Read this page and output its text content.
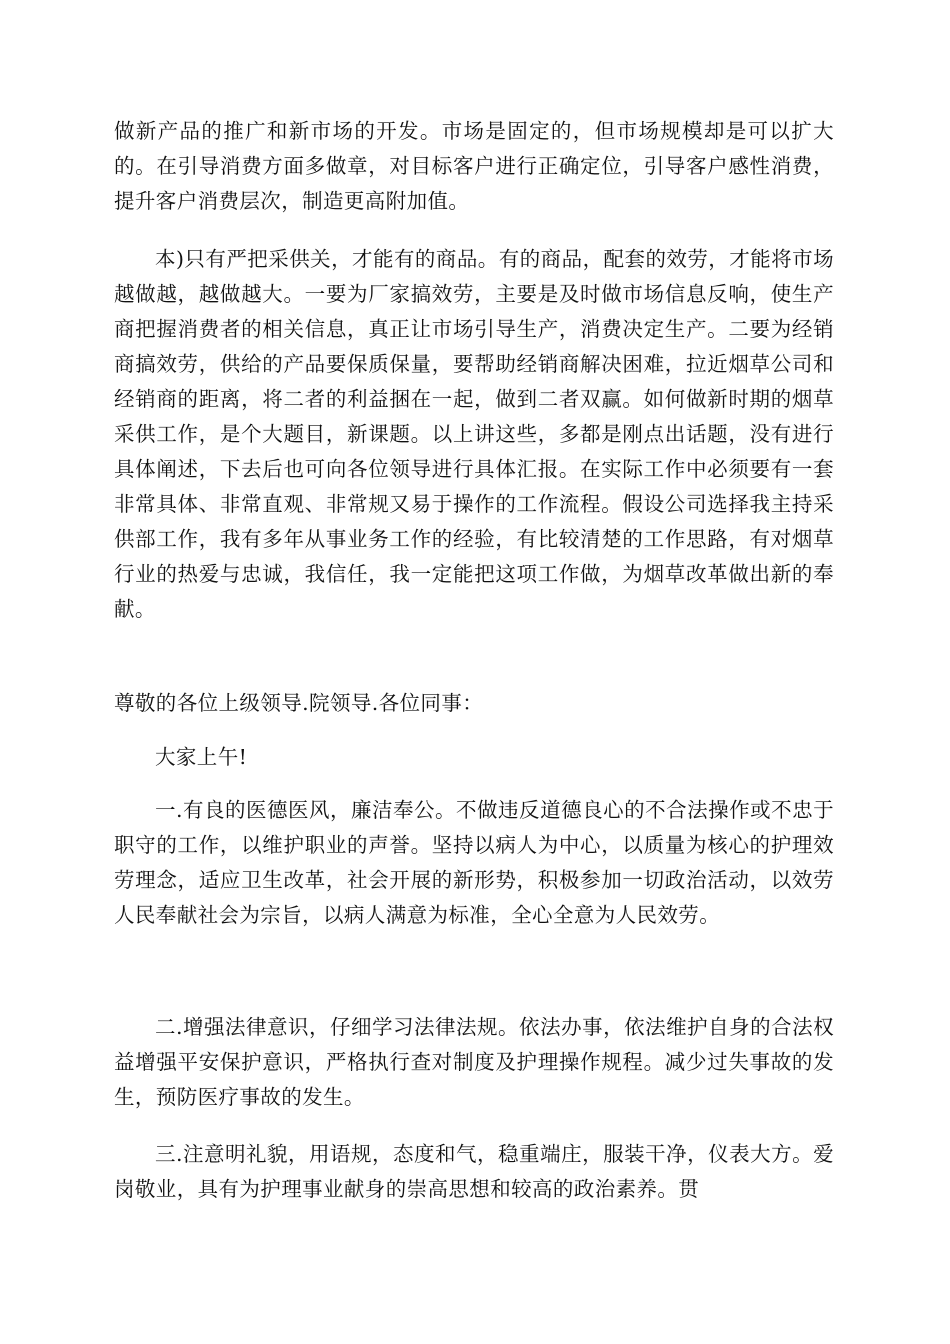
做新产品的推广和新市场的开发。市场是固定的，但市场规模却是可以扩大的。在引导消费方面多做章，对目标客户进行正确定位，引导客户感性消费，提升客户消费层次，制造更高附加值。

本)只有严把采供关，才能有的商品。有的商品，配套的效劳，才能将市场越做越，越做越大。一要为厂家搞效劳，主要是及时做市场信息反响，使生产商把握消费者的相关信息，真正让市场引导生产，消费决定生产。二要为经销商搞效劳，供给的产品要保质保量，要帮助经销商解决困难，拉近烟草公司和经销商的距离，将二者的利益捆在一起，做到二者双赢。如何做新时期的烟草采供工作，是个大题目，新课题。以上讲这些，多都是刚点出话题，没有进行具体阐述，下去后也可向各位领导进行具体汇报。在实际工作中必须要有一套非常具体、非常直观、非常规又易于操作的工作流程。假设公司选择我主持采供部工作，我有多年从事业务工作的经验，有比较清楚的工作思路，有对烟草行业的热爱与忠诚，我信任，我一定能把这项工作做，为烟草改革做出新的奉献。

尊敬的各位上级领导.院领导.各位同事：

大家上午!

一.有良的医德医风，廉洁奉公。不做违反道德良心的不合法操作或不忠于职守的工作，以维护职业的声誉。坚持以病人为中心，以质量为核心的护理效劳理念，适应卫生改革，社会开展的新形势，积极参加一切政治活动，以效劳人民奉献社会为宗旨，以病人满意为标准，全心全意为人民效劳。

二.增强法律意识，仔细学习法律法规。依法办事，依法维护自身的合法权益增强平安保护意识，严格执行查对制度及护理操作规程。减少过失事故的发生，预防医疗事故的发生。

三.注意明礼貌，用语规，态度和气，稳重端庄，服装干净，仪表大方。爱岗敬业，具有为护理事业献身的崇高思想和较高的政治素养。贯
